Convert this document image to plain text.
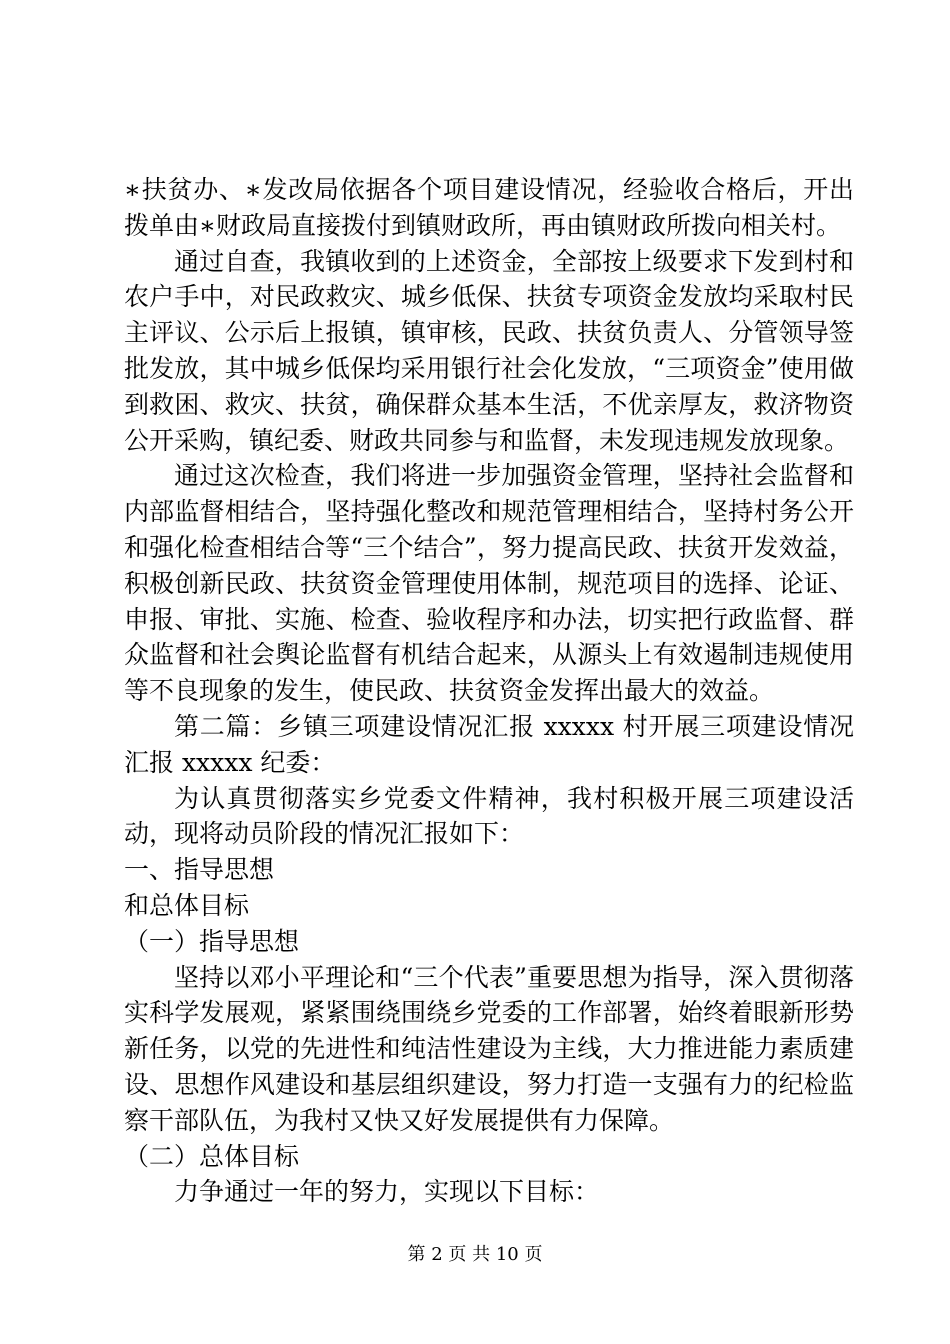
∗扶贫办、∗发改局依据各个项目建设情况，经验收合格后，开出拨单由∗财政局直接拨付到镇财政所，再由镇财政所拨向相关村。

通过自查，我镇收到的上述资金，全部按上级要求下发到村和农户手中，对民政救灾、城乡低保、扶贫专项资金发放均采取村民主评议、公示后上报镇，镇审核，民政、扶贫负责人、分管领导签批发放，其中城乡低保均采用银行社会化发放，“三项资金”使用做到救困、救灾、扶贫，确保群众基本生活，不优亲厚友，救济物资公开采购，镇纪委、财政共同参与和监督，未发现违规发放现象。

通过这次检查，我们将进一步加强资金管理，坚持社会监督和内部监督相结合，坚持强化整改和规范管理相结合，坚持村务公开和强化检查相结合等“三个结合”，努力提高民政、扶贫开发效益，积极创新民政、扶贫资金管理使用体制，规范项目的选择、论证、申报、审批、实施、检查、验收程序和办法，切实把行政监督、群众监督和社会舆论监督有机结合起来，从源头上有效遏制违规使用等不良现象的发生，使民政、扶贫资金发挥出最大的效益。

第二篇：乡镇三项建设情况汇报 xxxxx 村开展三项建设情况汇报 xxxxx 纪委：

为认真贯彻落实乡党委文件精神，我村积极开展三项建设活动，现将动员阶段的情况汇报如下：

一、指导思想

和总体目标

（一）指导思想

坚持以邓小平理论和“三个代表”重要思想为指导，深入贯彻落实科学发展观，紧紧围绕围绕乡党委的工作部署，始终着眼新形势新任务，以党的先进性和纯洁性建设为主线，大力推进能力素质建设、思想作风建设和基层组织建设，努力打造一支强有力的纪检监察干部队伍，为我村又快又好发展提供有力保障。

（二）总体目标

力争通过一年的努力，实现以下目标：

第 2 页 共 10 页
